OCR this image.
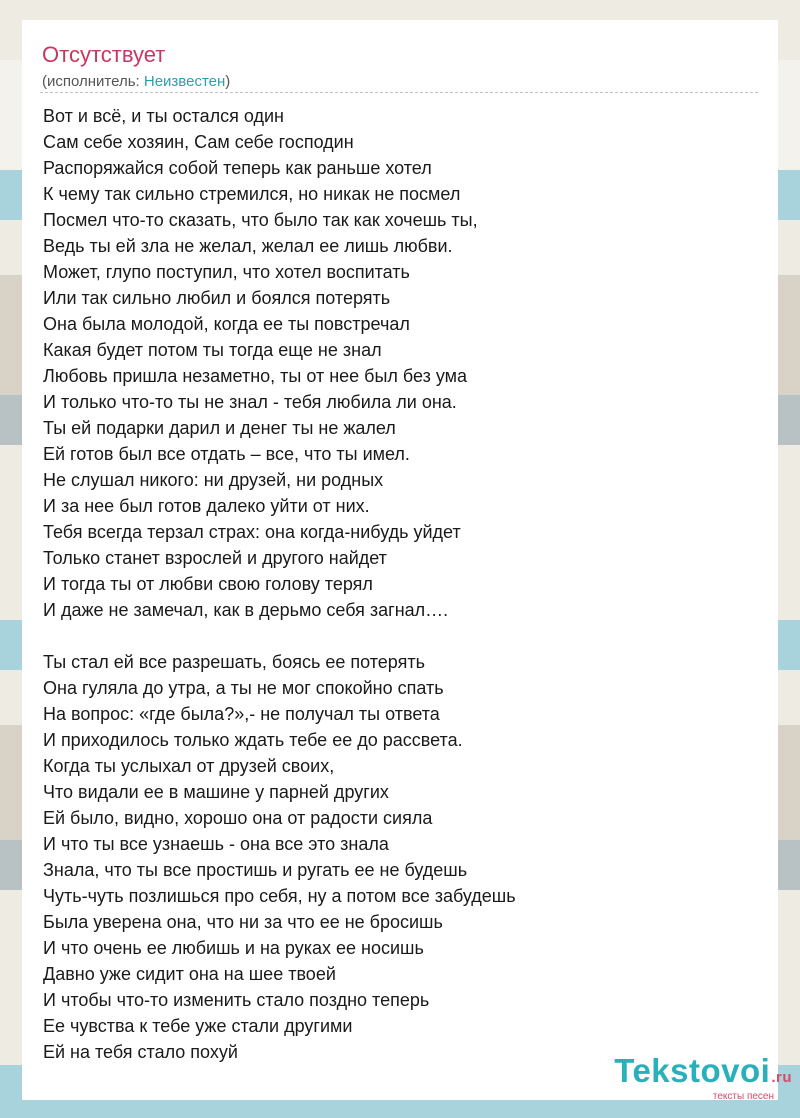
Отсутствует
(исполнитель: Неизвестен)
Вот и всё, и ты остался один
Сам себе хозяин, Сам себе господин
Распоряжайся собой теперь как раньше хотел
К чему так сильно стремился, но никак не посмел
Посмел что-то сказать, что было так как хочешь ты,
Ведь ты ей зла не желал, желал ее лишь любви.
Может, глупо поступил, что хотел воспитать
Или так сильно любил и боялся потерять
Она была молодой, когда ее ты повстречал
Какая будет потом ты тогда еще не знал
Любовь пришла незаметно, ты от нее был без ума
И только что-то ты не знал - тебя любила ли она.
Ты ей подарки дарил и денег ты не жалел
Ей готов был все отдать – все, что ты имел.
Не слушал никого: ни друзей, ни родных
И за нее был готов далеко уйти от них.
Тебя всегда терзал страх: она когда-нибудь уйдет
Только станет взрослей и другого найдет
И тогда ты от любви свою голову терял
И даже не замечал, как в дерьмо себя загнал….
Ты стал ей все разрешать, боясь ее потерять
Она гуляла до утра, а ты не мог спокойно спать
На вопрос: «где была?»,- не получал ты ответа
И приходилось только ждать тебе ее до рассвета.
Когда ты услыхал от друзей своих,
Что видали ее в машине у парней других
Ей было, видно, хорошо она от радости сияла
И что ты все узнаешь - она все это знала
Знала, что ты все простишь и ругать ее не будешь
Чуть-чуть позлишься про себя, ну а потом все забудешь
Была уверена она, что ни за что ее не бросишь
И что очень ее любишь и на руках ее носишь
Давно уже сидит она на шее твоей
И чтобы что-то изменить стало поздно теперь
Ее чувства к тебе уже стали другими
Ей на тебя стало похуй	Tekstovoi.ru
тексты песен
